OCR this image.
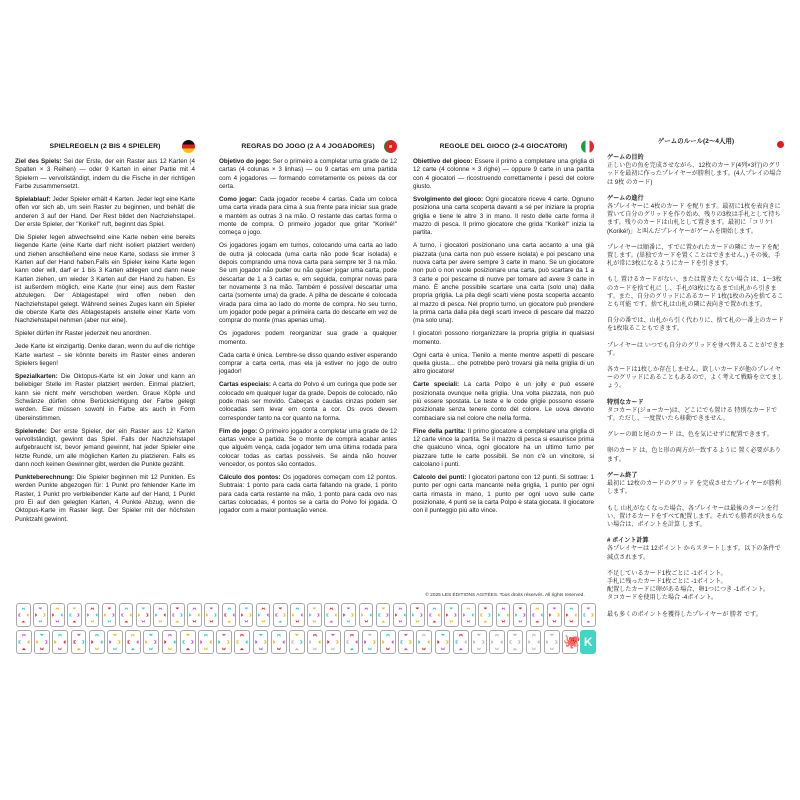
SPIELREGELN (2 BIS 4 SPIELER)

Ziel des Spiels: Sei der Erste, der ein Raster aus 12 Karten (4 Spalten × 3 Reihen) — oder 9 Karten in einer Partie mit 4 Spielern — vervollständigt, indem du die Fische in der richtigen Farbe zusammensetzt.

Spielablauf: Jeder Spieler erhält 4 Karten. Jeder legt eine Karte offen vor sich ab, um sein Raster zu beginnen, und behält die anderen 3 auf der Hand. Der Rest bildet den Nachziehstapel. Der erste Spieler, der "Koriké!" ruft, beginnt das Spiel.

Die Spieler legen abwechselnd eine Karte neben eine bereits liegende Karte (eine Karte darf nicht isoliert platziert werden) und ziehen anschließend eine neue Karte, sodass sie immer 3 Karten auf der Hand haben.Falls ein Spieler keine Karte legen kann oder will, darf er 1 bis 3 Karten ablegen und dann neue Karten ziehen, um wieder 3 Karten auf der Hand zu haben. Es ist außerdem möglich, eine Karte (nur eine) aus dem Raster abzulegen. Der Ablagestapel wird offen neben den Nachziehstapel gelegt. Während seines Zuges kann ein Spieler die oberste Karte des Ablagestapels anstelle einer Karte vom Nachziehstapel nehmen (aber nur eine).

Spieler dürfen ihr Raster jederzeit neu anordnen.

Jede Karte ist einzigartig. Denke daran, wenn du auf die richtige Karte wartest – sie könnte bereits im Raster eines anderen Spielers liegen!

Spezialkarten: Die Oktopus-Karte ist ein Joker und kann an beliebiger Stelle im Raster platziert werden. Einmal platziert, kann sie nicht mehr verschoben werden. Graue Köpfe und Schwänze dürfen ohne Berücksichtigung der Farbe gelegt werden. Eier müssen sowohl in Farbe als auch in Form übereinstimmen.

Spielende: Der erste Spieler, der ein Raster aus 12 Karten vervollständigt, gewinnt das Spiel. Falls der Nachziehstapel aufgebraucht ist, bevor jemand gewinnt, hat jeder Spieler eine letzte Runde, um alle möglichen Karten zu platzieren. Falls es dann noch keinen Gewinner gibt, werden die Punkte gezählt.

Punkteberechnung: Die Spieler beginnen mit 12 Punkten. Es werden Punkte abgezogen für: 1 Punkt pro fehlender Karte im Raster, 1 Punkt pro verbleibender Karte auf der Hand, 1 Punkt pro Ei auf den gelegten Karten, 4 Punkte Abzug, wenn die Oktopus-Karte im Raster liegt. Der Spieler mit der höchsten Punktzahl gewinnt.

REGRAS DO JOGO (2 A 4 JOGADORES)

Objetivo do jogo: Ser o primeiro a completar uma grade de 12 cartas (4 colunas × 3 linhas) — ou 9 cartas em uma partida com 4 jogadores — formando corretamente os peixes da cor certa.

Como jogar: Cada jogador recebe 4 cartas. Cada um coloca uma carta virada para cima à sua frente para iniciar sua grade e mantém as outras 3 na mão. O restante das cartas forma o monte de compra. O primeiro jogador que gritar "Koriké!" começa o jogo.

Os jogadores jogam em turnos, colocando uma carta ao lado de outra já colocada (uma carta não pode ficar isolada) e depois comprando uma nova carta para sempre ter 3 na mão. Se um jogador não puder ou não quiser jogar uma carta, pode descartar de 1 a 3 cartas e, em seguida, comprar novas para ter novamente 3 na mão. Também é possível descartar uma carta (somente uma) da grade. A pilha de descarte é colocada virada para cima ao lado do monte de compra. No seu turno, um jogador pode pegar a primeira carta do descarte em vez de comprar do monte (mas apenas uma).

Os jogadores podem reorganizar sua grade a qualquer momento.

Cada carta é única. Lembre-se disso quando estiver esperando comprar a carta certa, mas ela já estiver no jogo de outro jogador!

Cartas especiais: A carta do Polvo é um curinga que pode ser colocado em qualquer lugar da grade. Depois de colocado, não pode mais ser movido. Cabeças e caudas cinzas podem ser colocadas sem levar em conta a cor. Os ovos devem corresponder tanto na cor quanto na forma.

Fim do jogo: O primeiro jogador a completar uma grade de 12 cartas vence a partida. Se o monte de compra acabar antes que alguém vença, cada jogador tem uma última rodada para colocar todas as cartas possíveis. Se ainda não houver vencedor, os pontos são contados.

Cálculo dos pontos: Os jogadores começam com 12 pontos. Subtraia: 1 ponto para cada carta faltando na grade, 1 ponto para cada carta restante na mão, 1 ponto para cada ovo nas cartas colocadas, 4 pontos se a carta do Polvo foi jogada. O jogador com a maior pontuação vence.

REGOLE DEL GIOCO (2-4 GIOCATORI)

Obiettivo del gioco: Essere il primo a completare una griglia di 12 carte (4 colonne × 3 righe) — oppure 9 carte in una partita con 4 giocatori — ricostruendo correttamente i pesci del colore giusto.

Svolgimento del gioco: Ogni giocatore riceve 4 carte. Ognuno posiziona una carta scoperta davanti a sé per iniziare la propria griglia e tiene le altre 3 in mano. Il resto delle carte forma il mazzo di pesca. Il primo giocatore che grida "Korikè!" inizia la partita.

A turno, i giocatori posizionano una carta accanto a una già piazzata (una carta non può essere isolata) e poi pescano una nuova carta per avere sempre 3 carte in mano. Se un giocatore non può o non vuole posizionare una carta, può scartare da 1 a 3 carte e poi pescarne di nuove per tornare ad avere 3 carte in mano. È anche possibile scartare una carta (solo una) dalla propria griglia. La pila degli scarti viene posta scoperta accanto al mazzo di pesca. Nel proprio turno, un giocatore può prendere la prima carta dalla pila degli scarti invece di pescare dal mazzo (ma solo una).

I giocatori possono riorganizzare la propria griglia in qualsiasi momento.

Ogni carta è unica. Tienilo a mente mentre aspetti di pescare quella giusta… che potrebbe però trovarsi già nella griglia di un altro giocatore!

Carte speciali: La carta Polpo è un jolly e può essere posizionata ovunque nella griglia. Una volta piazzata, non può più essere spostata. Le teste e le code grigie possono essere posizionate senza tenere conto del colore. Le uova devono combaciare sia nel colore che nella forma.

Fine della partita: Il primo giocatore a completare una griglia di 12 carte vince la partita. Se il mazzo di pesca si esaurisce prima che qualcuno vinca, ogni giocatore ha un ultimo turno per piazzare tutte le carte possibili. Se non c'è un vincitore, si calcolano i punti.

Calcolo dei punti: I giocatori partono con 12 punti. Si sottrae: 1 punto per ogni carta mancante nella griglia, 1 punto per ogni carta rimasta in mano, 1 punto per ogni uovo sulle carte posizionate, 4 punti se la carta Polpo è stata giocata. Il giocatore con il punteggio più alto vince.

ゲームのルール(2〜4人用)

ゲームの目的
正しい色の魚を完成させながら、12枚のカード(4列×3行)のグリッドを最初に作ったプレイヤーが勝利します。(4人プレイの場合は 9枚 のカード)

ゲームの進行
各プレイヤーに 4枚のカード を配ります。最初に1枚を表向きに置いて自分のグリッドを作り始め、残りの3枚は手札として持ちます。残りのカードは山札として置きます。最初に「コリケ!(Koriké!)」と叫んだプレイヤーがゲームを開始します。

プレイヤーは順番に、すでに置かれたカードの隣に カードを配置します。(単独でカードを置くことはできません。) その後、手札が常に3枚になるようにカードを引きます。

もし 置けるカードがない、または置きたくない場合 は、1〜3枚のカードを捨て札に し、手札が3枚になるまで山札から引きます。また、自分のグリッドにあるカード 1枚(1枚のみ)を捨てることも可能 です。捨て札は山札の隣に表向きで置かれます。

自分の番では、山札から引く代わりに、捨て札の一番上のカードを1枚取ることもできます。

プレイヤーは いつでも自分のグリッドを並べ替えることができます。

各カードは1枚しか存在しません。欲しいカードが他のプレイヤーのグリッドにあることもあるので、よく考えて戦略を立てましょう。

特別なカード
タコカード(ジョーカー)は、どこにでも置ける 特別なカードです。ただし、一度置いたら移動できません。

グレーの頭と尾のカード は、色を気にせずに配置できます。

卵のカード は、色と形の両方が一致するように 置く必要があります。

ゲーム終了
最初に 12枚のカードのグリッド を完成させたプレイヤーが勝利します。

もし 山札がなくなった場合、各プレイヤーは最後のターンを行い、置けるカードをすべて配置します。それでも勝者が決まらない場合は、ポイントを計算 します。

# ポイント計算
各プレイヤーは 12ポイント からスタートします。以下の条件で減点されます。

不足しているカード1枚ごとに -1ポイント。
手札に残ったカード1枚ごとに -1ポイント。
配置したカードに卵がある場合、卵1つにつき -1ポイント。
タコカードを使用した場合 -4ポイント。

最も多くのポイントを獲得したプレイヤーが 勝者 です。

© 2025 LES ÉDITIONS AGITÉES. Tous droits réservés. All rights reserved.
🐙 K
